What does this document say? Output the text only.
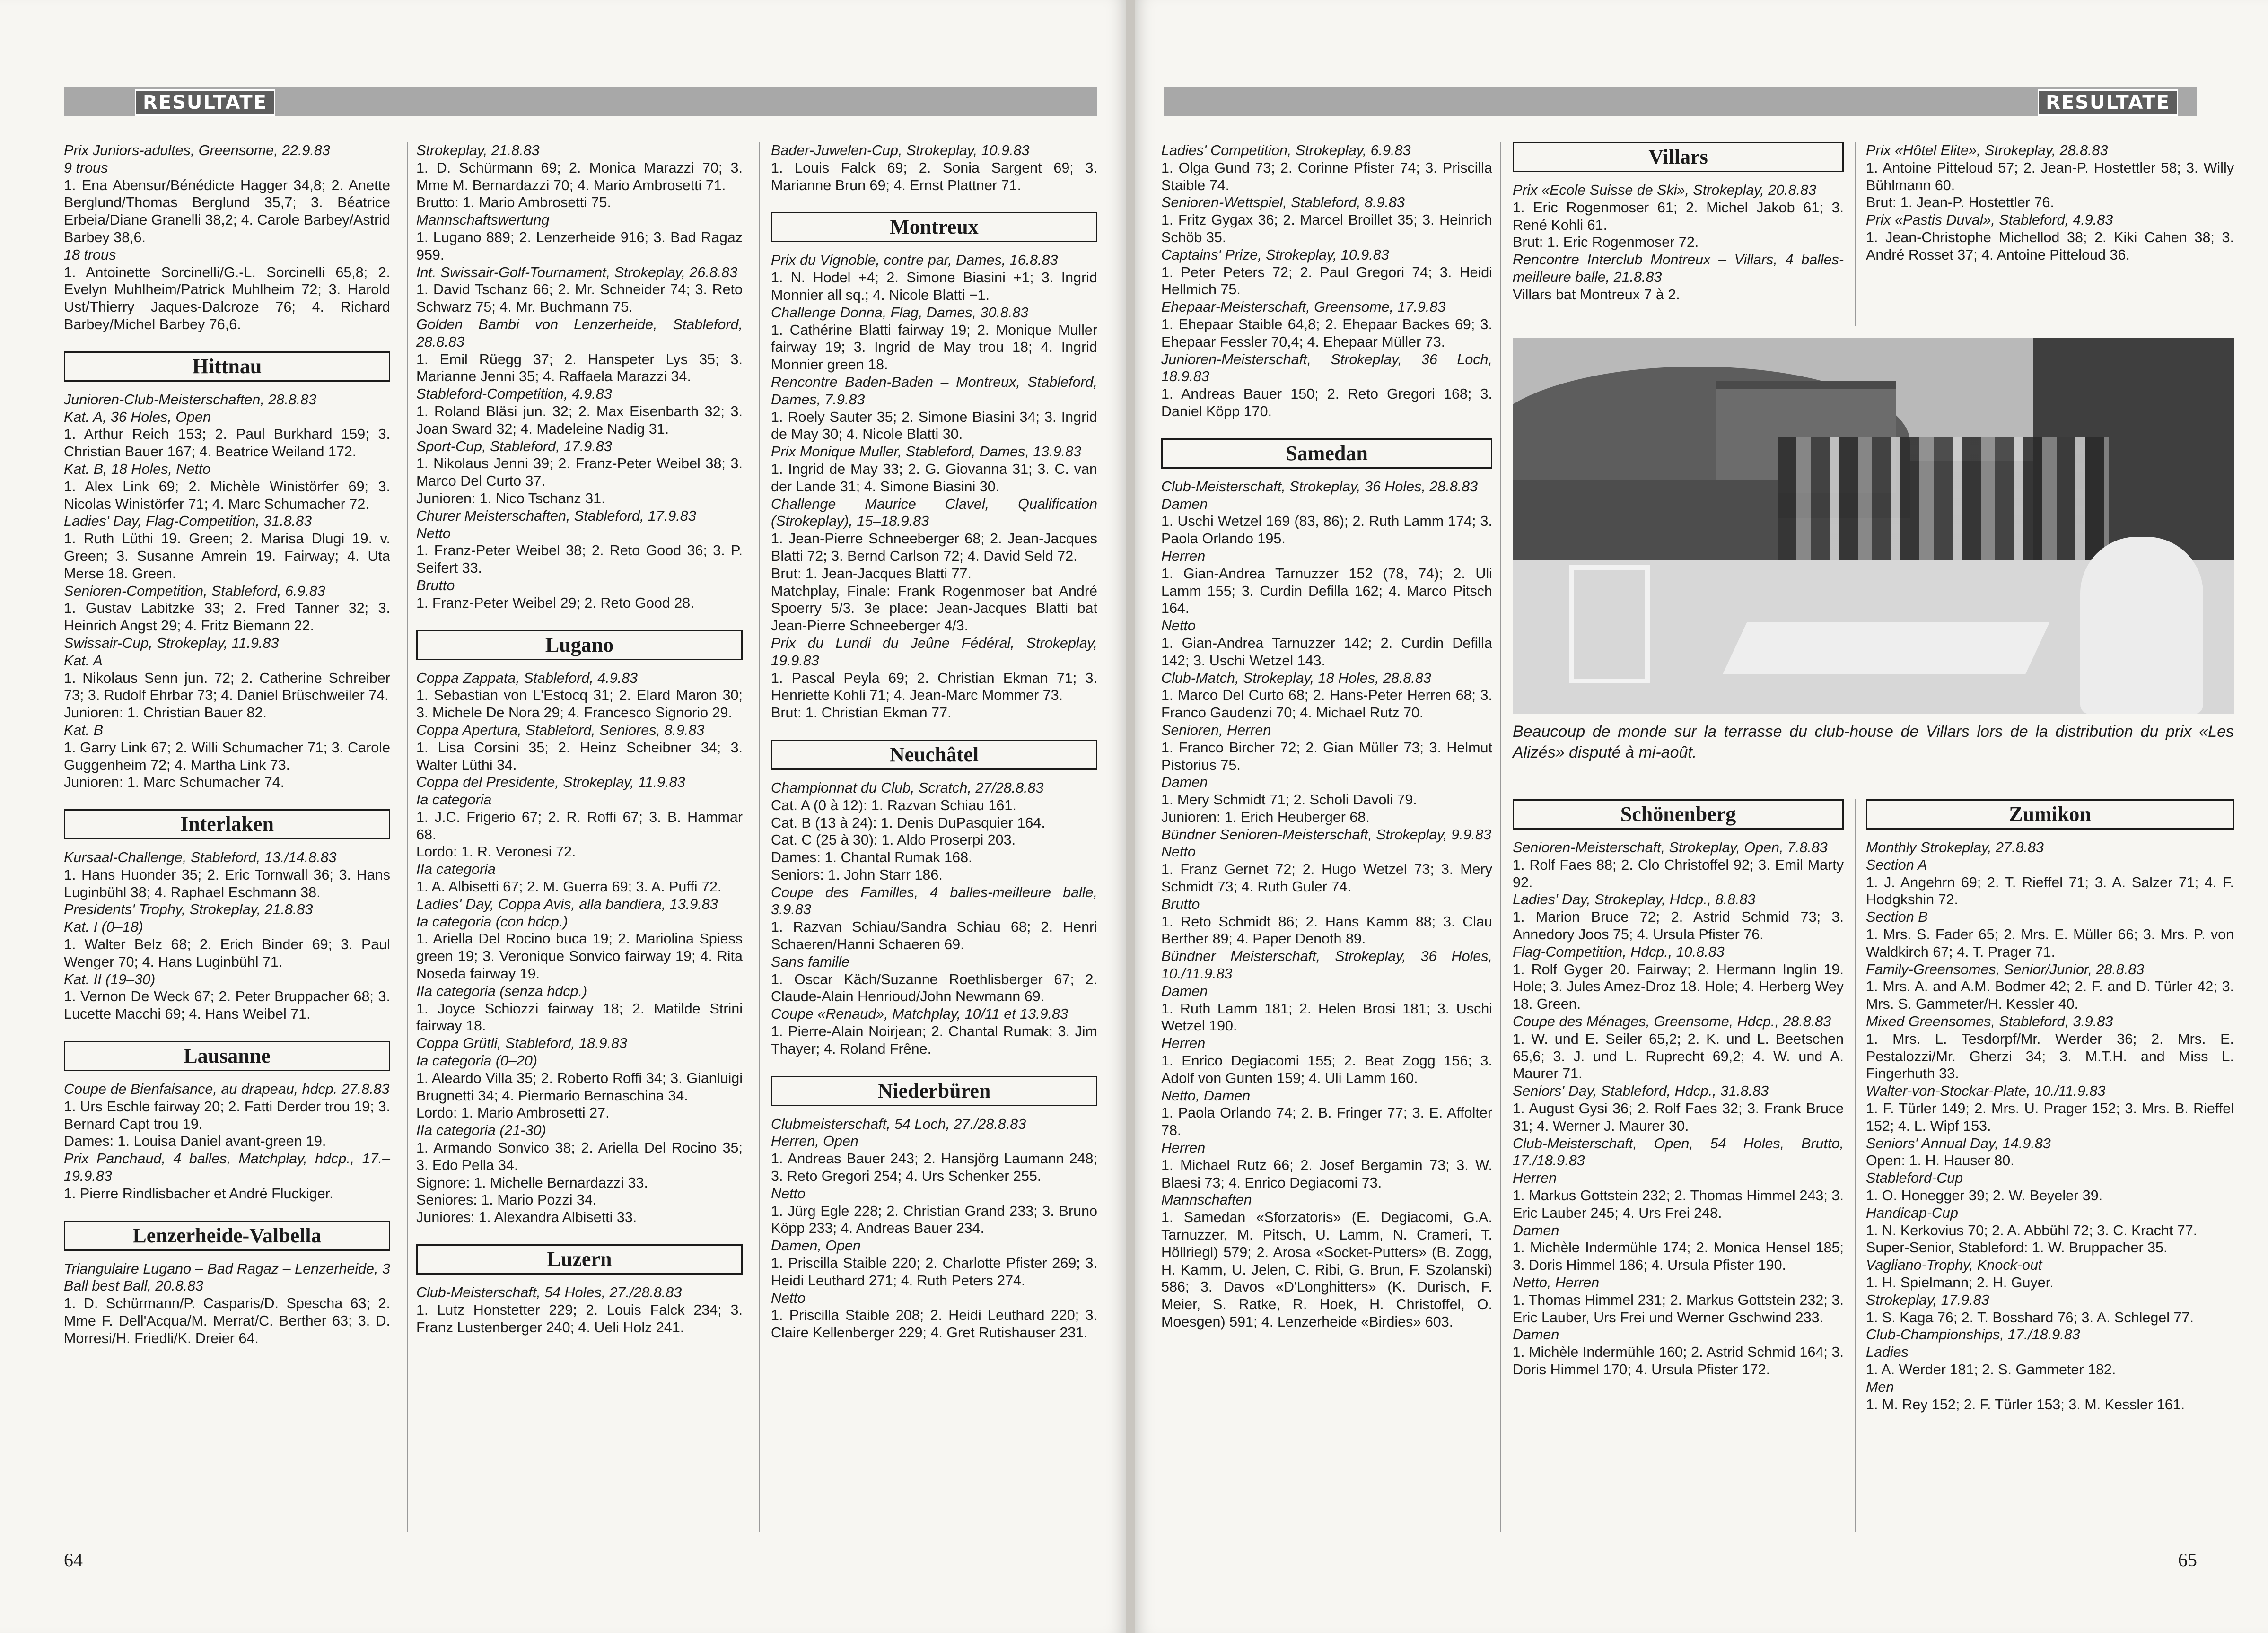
RESULTATE

Prix Juniors-adultes, Greensome, 22.9.83

9 trous

1. Ena Abensur/Bénédicte Hagger 34,8; 2. Anette Berglund/Thomas Berglund 35,7; 3. Béatrice Erbeia/Diane Granelli 38,2; 4. Carole Barbey/Astrid Barbey 38,6.

18 trous

1. Antoinette Sorcinelli/G.-L. Sorcinelli 65,8; 2. Evelyn Muhlheim/Patrick Muhlheim 72; 3. Harold Ust/Thierry Jaques-Dalcroze 76; 4. Richard Barbey/Michel Barbey 76,6.

Hittnau

Junioren-Club-Meisterschaften, 28.8.83

Kat. A, 36 Holes, Open

1. Arthur Reich 153; 2. Paul Burkhard 159; 3. Christian Bauer 167; 4. Beatrice Weiland 172.

Kat. B, 18 Holes, Netto

1. Alex Link 69; 2. Michèle Winistörfer 69; 3. Nicolas Winistörfer 71; 4. Marc Schumacher 72.

Ladies' Day, Flag-Competition, 31.8.83

1. Ruth Lüthi 19. Green; 2. Marisa Dlugi 19. v. Green; 3. Susanne Amrein 19. Fairway; 4. Uta Merse 18. Green.

Senioren-Competition, Stableford, 6.9.83

1. Gustav Labitzke 33; 2. Fred Tanner 32; 3. Heinrich Angst 29; 4. Fritz Biemann 22.

Swissair-Cup, Strokeplay, 11.9.83

Kat. A

1. Nikolaus Senn jun. 72; 2. Catherine Schreiber 73; 3. Rudolf Ehrbar 73; 4. Daniel Brüschweiler 74.

Junioren: 1. Christian Bauer 82.

Kat. B

1. Garry Link 67; 2. Willi Schumacher 71; 3. Carole Guggenheim 72; 4. Martha Link 73.

Junioren: 1. Marc Schumacher 74.

Interlaken

Kursaal-Challenge, Stableford, 13./14.8.83

1. Hans Huonder 35; 2. Eric Tornwall 36; 3. Hans Luginbühl 38; 4. Raphael Eschmann 38.

Presidents' Trophy, Strokeplay, 21.8.83

Kat. I (0–18)

1. Walter Belz 68; 2. Erich Binder 69; 3. Paul Wenger 70; 4. Hans Luginbühl 71.

Kat. II (19–30)

1. Vernon De Weck 67; 2. Peter Bruppacher 68; 3. Lucette Macchi 69; 4. Hans Weibel 71.

Lausanne

Coupe de Bienfaisance, au drapeau, hdcp. 27.8.83

1. Urs Eschle fairway 20; 2. Fatti Derder trou 19; 3. Bernard Capt trou 19.

Dames: 1. Louisa Daniel avant-green 19.

Prix Panchaud, 4 balles, Matchplay, hdcp., 17.–19.9.83

1. Pierre Rindlisbacher et André Fluckiger.

Lenzerheide-Valbella

Triangulaire Lugano – Bad Ragaz – Lenzerheide, 3 Ball best Ball, 20.8.83

1. D. Schürmann/P. Casparis/D. Spescha 63; 2. Mme F. Dell'Acqua/M. Merrat/C. Berther 63; 3. D. Morresi/H. Friedli/K. Dreier 64.

Strokeplay, 21.8.83

1. D. Schürmann 69; 2. Monica Marazzi 70; 3. Mme M. Bernardazzi 70; 4. Mario Ambrosetti 71.

Brutto: 1. Mario Ambrosetti 75.

Mannschaftswertung

1. Lugano 889; 2. Lenzerheide 916; 3. Bad Ragaz 959.

Int. Swissair-Golf-Tournament, Strokeplay, 26.8.83

1. David Tschanz 66; 2. Mr. Schneider 74; 3. Reto Schwarz 75; 4. Mr. Buchmann 75.

Golden Bambi von Lenzerheide, Stableford, 28.8.83

1. Emil Rüegg 37; 2. Hanspeter Lys 35; 3. Marianne Jenni 35; 4. Raffaela Marazzi 34.

Stableford-Competition, 4.9.83

1. Roland Bläsi jun. 32; 2. Max Eisenbarth 32; 3. Joan Sward 32; 4. Madeleine Nadig 31.

Sport-Cup, Stableford, 17.9.83

1. Nikolaus Jenni 39; 2. Franz-Peter Weibel 38; 3. Marco Del Curto 37.

Junioren: 1. Nico Tschanz 31.

Churer Meisterschaften, Stableford, 17.9.83

Netto

1. Franz-Peter Weibel 38; 2. Reto Good 36; 3. P. Seifert 33.

Brutto

1. Franz-Peter Weibel 29; 2. Reto Good 28.

Lugano

Coppa Zappata, Stableford, 4.9.83

1. Sebastian von L'Estocq 31; 2. Elard Maron 30; 3. Michele De Nora 29; 4. Francesco Signorio 29.

Coppa Apertura, Stableford, Seniores, 8.9.83

1. Lisa Corsini 35; 2. Heinz Scheibner 34; 3. Walter Lüthi 34.

Coppa del Presidente, Strokeplay, 11.9.83

Ia categoria

1. J.C. Frigerio 67; 2. R. Roffi 67; 3. B. Hammar 68.

Lordo: 1. R. Veronesi 72.

IIa categoria

1. A. Albisetti 67; 2. M. Guerra 69; 3. A. Puffi 72.

Ladies' Day, Coppa Avis, alla bandiera, 13.9.83

Ia categoria (con hdcp.)

1. Ariella Del Rocino buca 19; 2. Mariolina Spiess green 19; 3. Veronique Sonvico fairway 19; 4. Rita Noseda fairway 19.

IIa categoria (senza hdcp.)

1. Joyce Schiozzi fairway 18; 2. Matilde Strini fairway 18.

Coppa Grütli, Stableford, 18.9.83

Ia categoria (0–20)

1. Aleardo Villa 35; 2. Roberto Roffi 34; 3. Gianluigi Brugnetti 34; 4. Piermario Bernaschina 34.

Lordo: 1. Mario Ambrosetti 27.

IIa categoria (21-30)

1. Armando Sonvico 38; 2. Ariella Del Rocino 35; 3. Edo Pella 34.

Signore: 1. Michelle Bernardazzi 33.

Seniores: 1. Mario Pozzi 34.

Juniores: 1. Alexandra Albisetti 33.

Luzern

Club-Meisterschaft, 54 Holes, 27./28.8.83

1. Lutz Honstetter 229; 2. Louis Falck 234; 3. Franz Lustenberger 240; 4. Ueli Holz 241.

Bader-Juwelen-Cup, Strokeplay, 10.9.83

1. Louis Falck 69; 2. Sonia Sargent 69; 3. Marianne Brun 69; 4. Ernst Plattner 71.

Montreux

Prix du Vignoble, contre par, Dames, 16.8.83

1. N. Hodel +4; 2. Simone Biasini +1; 3. Ingrid Monnier all sq.; 4. Nicole Blatti −1.

Challenge Donna, Flag, Dames, 30.8.83

1. Cathérine Blatti fairway 19; 2. Monique Muller fairway 19; 3. Ingrid de May trou 18; 4. Ingrid Monnier green 18.

Rencontre Baden-Baden – Montreux, Stableford, Dames, 7.9.83

1. Roely Sauter 35; 2. Simone Biasini 34; 3. Ingrid de May 30; 4. Nicole Blatti 30.

Prix Monique Muller, Stableford, Dames, 13.9.83

1. Ingrid de May 33; 2. G. Giovanna 31; 3. C. van der Lande 31; 4. Simone Biasini 30.

Challenge Maurice Clavel, Qualification (Strokeplay), 15–18.9.83

1. Jean-Pierre Schneeberger 68; 2. Jean-Jacques Blatti 72; 3. Bernd Carlson 72; 4. David Seld 72.

Brut: 1. Jean-Jacques Blatti 77.

Matchplay, Finale: Frank Rogenmoser bat André Spoerry 5/3. 3e place: Jean-Jacques Blatti bat Jean-Pierre Schneeberger 4/3.

Prix du Lundi du Jeûne Fédéral, Strokeplay, 19.9.83

1. Pascal Peyla 69; 2. Christian Ekman 71; 3. Henriette Kohli 71; 4. Jean-Marc Mommer 73.

Brut: 1. Christian Ekman 77.

Neuchâtel

Championnat du Club, Scratch, 27/28.8.83

Cat. A (0 à 12): 1. Razvan Schiau 161.

Cat. B (13 à 24): 1. Denis DuPasquier 164.

Cat. C (25 à 30): 1. Aldo Proserpi 203.

Dames: 1. Chantal Rumak 168.

Seniors: 1. John Starr 186.

Coupe des Familles, 4 balles-meilleure balle, 3.9.83

1. Razvan Schiau/Sandra Schiau 68; 2. Henri Schaeren/Hanni Schaeren 69.

Sans famille

1. Oscar Käch/Suzanne Roethlisberger 67; 2. Claude-Alain Henrioud/John Newmann 69.

Coupe «Renaud», Matchplay, 10/11 et 13.9.83

1. Pierre-Alain Noirjean; 2. Chantal Rumak; 3. Jim Thayer; 4. Roland Frêne.

Niederbüren

Clubmeisterschaft, 54 Loch, 27./28.8.83

Herren, Open

1. Andreas Bauer 243; 2. Hansjörg Laumann 248; 3. Reto Gregori 254; 4. Urs Schenker 255.

Netto

1. Jürg Egle 228; 2. Christian Grand 233; 3. Bruno Köpp 233; 4. Andreas Bauer 234.

Damen, Open

1. Priscilla Staible 220; 2. Charlotte Pfister 269; 3. Heidi Leuthard 271; 4. Ruth Peters 274.

Netto

1. Priscilla Staible 208; 2. Heidi Leuthard 220; 3. Claire Kellenberger 229; 4. Gret Rutishauser 231.

64
RESULTATE

Ladies' Competition, Strokeplay, 6.9.83

1. Olga Gund 73; 2. Corinne Pfister 74; 3. Priscilla Staible 74.

Senioren-Wettspiel, Stableford, 8.9.83

1. Fritz Gygax 36; 2. Marcel Broillet 35; 3. Heinrich Schöb 35.

Captains' Prize, Strokeplay, 10.9.83

1. Peter Peters 72; 2. Paul Gregori 74; 3. Heidi Hellmich 75.

Ehepaar-Meisterschaft, Greensome, 17.9.83

1. Ehepaar Staible 64,8; 2. Ehepaar Backes 69; 3. Ehepaar Fessler 70,4; 4. Ehepaar Müller 73.

Junioren-Meisterschaft, Strokeplay, 36 Loch, 18.9.83

1. Andreas Bauer 150; 2. Reto Gregori 168; 3. Daniel Köpp 170.

Samedan

Club-Meisterschaft, Strokeplay, 36 Holes, 28.8.83

Damen

1. Uschi Wetzel 169 (83, 86); 2. Ruth Lamm 174; 3. Paola Orlando 195.

Herren

1. Gian-Andrea Tarnuzzer 152 (78, 74); 2. Uli Lamm 155; 3. Curdin Defilla 162; 4. Marco Pitsch 164.

Netto

1. Gian-Andrea Tarnuzzer 142; 2. Curdin Defilla 142; 3. Uschi Wetzel 143.

Club-Match, Strokeplay, 18 Holes, 28.8.83

1. Marco Del Curto 68; 2. Hans-Peter Herren 68; 3. Franco Gaudenzi 70; 4. Michael Rutz 70.

Senioren, Herren

1. Franco Bircher 72; 2. Gian Müller 73; 3. Helmut Pistorius 75.

Damen

1. Mery Schmidt 71; 2. Scholi Davoli 79.

Junioren: 1. Erich Heuberger 68.

Bündner Senioren-Meisterschaft, Strokeplay, 9.9.83

Netto

1. Franz Gernet 72; 2. Hugo Wetzel 73; 3. Mery Schmidt 73; 4. Ruth Guler 74.

Brutto

1. Reto Schmidt 86; 2. Hans Kamm 88; 3. Clau Berther 89; 4. Paper Denoth 89.

Bündner Meisterschaft, Strokeplay, 36 Holes, 10./11.9.83

Damen

1. Ruth Lamm 181; 2. Helen Brosi 181; 3. Uschi Wetzel 190.

Herren

1. Enrico Degiacomi 155; 2. Beat Zogg 156; 3. Adolf von Gunten 159; 4. Uli Lamm 160.

Netto, Damen

1. Paola Orlando 74; 2. B. Fringer 77; 3. E. Affolter 78.

Herren

1. Michael Rutz 66; 2. Josef Bergamin 73; 3. W. Blaesi 73; 4. Enrico Degiacomi 73.

Mannschaften

1. Samedan «Sforzatoris» (E. Degiacomi, G.A. Tarnuzzer, M. Pitsch, U. Lamm, N. Crameri, T. Höllriegl) 579; 2. Arosa «Socket-Putters» (B. Zogg, H. Kamm, U. Jelen, C. Ribi, G. Brun, F. Szolanski) 586; 3. Davos «D'Longhitters» (K. Durisch, F. Meier, S. Ratke, R. Hoek, H. Christoffel, O. Moesgen) 591; 4. Lenzerheide «Birdies» 603.

Villars

Prix «Ecole Suisse de Ski», Strokeplay, 20.8.83

1. Eric Rogenmoser 61; 2. Michel Jakob 61; 3. René Kohli 61.

Brut: 1. Eric Rogenmoser 72.

Rencontre Interclub Montreux – Villars, 4 balles-meilleure balle, 21.8.83

Villars bat Montreux 7 à 2.

Prix «Hôtel Elite», Strokeplay, 28.8.83

1. Antoine Pitteloud 57; 2. Jean-P. Hostettler 58; 3. Willy Bühlmann 60.

Brut: 1. Jean-P. Hostettler 76.

Prix «Pastis Duval», Stableford, 4.9.83

1. Jean-Christophe Michellod 38; 2. Kiki Cahen 38; 3. André Rosset 37; 4. Antoine Pitteloud 36.

Beaucoup de monde sur la terrasse du club-house de Villars lors de la distribution du prix «Les Alizés» disputé à mi-août.
Schönenberg

Senioren-Meisterschaft, Strokeplay, Open, 7.8.83

1. Rolf Faes 88; 2. Clo Christoffel 92; 3. Emil Marty 92.

Ladies' Day, Strokeplay, Hdcp., 8.8.83

1. Marion Bruce 72; 2. Astrid Schmid 73; 3. Annedory Joos 75; 4. Ursula Pfister 76.

Flag-Competition, Hdcp., 10.8.83

1. Rolf Gyger 20. Fairway; 2. Hermann Inglin 19. Hole; 3. Jules Amez-Droz 18. Hole; 4. Herberg Wey 18. Green.

Coupe des Ménages, Greensome, Hdcp., 28.8.83

1. W. und E. Seiler 65,2; 2. K. und L. Beetschen 65,6; 3. J. und L. Ruprecht 69,2; 4. W. und A. Maurer 71.

Seniors' Day, Stableford, Hdcp., 31.8.83

1. August Gysi 36; 2. Rolf Faes 32; 3. Frank Bruce 31; 4. Werner J. Maurer 30.

Club-Meisterschaft, Open, 54 Holes, Brutto, 17./18.9.83

Herren

1. Markus Gottstein 232; 2. Thomas Himmel 243; 3. Eric Lauber 245; 4. Urs Frei 248.

Damen

1. Michèle Indermühle 174; 2. Monica Hensel 185; 3. Doris Himmel 186; 4. Ursula Pfister 190.

Netto, Herren

1. Thomas Himmel 231; 2. Markus Gottstein 232; 3. Eric Lauber, Urs Frei und Werner Gschwind 233.

Damen

1. Michèle Indermühle 160; 2. Astrid Schmid 164; 3. Doris Himmel 170; 4. Ursula Pfister 172.

Zumikon

Monthly Strokeplay, 27.8.83

Section A

1. J. Angehrn 69; 2. T. Rieffel 71; 3. A. Salzer 71; 4. F. Hodgkshin 72.

Section B

1. Mrs. S. Fader 65; 2. Mrs. E. Müller 66; 3. Mrs. P. von Waldkirch 67; 4. T. Prager 71.

Family-Greensomes, Senior/Junior, 28.8.83

1. Mrs. A. and A.M. Bodmer 42; 2. F. and D. Türler 42; 3. Mrs. S. Gammeter/H. Kessler 40.

Mixed Greensomes, Stableford, 3.9.83

1. Mrs. L. Tesdorpf/Mr. Werder 36; 2. Mrs. E. Pestalozzi/Mr. Gherzi 34; 3. M.T.H. and Miss L. Fingerhuth 33.

Walter-von-Stockar-Plate, 10./11.9.83

1. F. Türler 149; 2. Mrs. U. Prager 152; 3. Mrs. B. Rieffel 152; 4. L. Wipf 153.

Seniors' Annual Day, 14.9.83

Open: 1. H. Hauser 80.

Stableford-Cup

1. O. Honegger 39; 2. W. Beyeler 39.

Handicap-Cup

1. N. Kerkovius 70; 2. A. Abbühl 72; 3. C. Kracht 77.

Super-Senior, Stableford: 1. W. Bruppacher 35.

Vagliano-Trophy, Knock-out

1. H. Spielmann; 2. H. Guyer.

Strokeplay, 17.9.83

1. S. Kaga 76; 2. T. Bosshard 76; 3. A. Schlegel 77.

Club-Championships, 17./18.9.83

Ladies

1. A. Werder 181; 2. S. Gammeter 182.

Men

1. M. Rey 152; 2. F. Türler 153; 3. M. Kessler 161.

65
